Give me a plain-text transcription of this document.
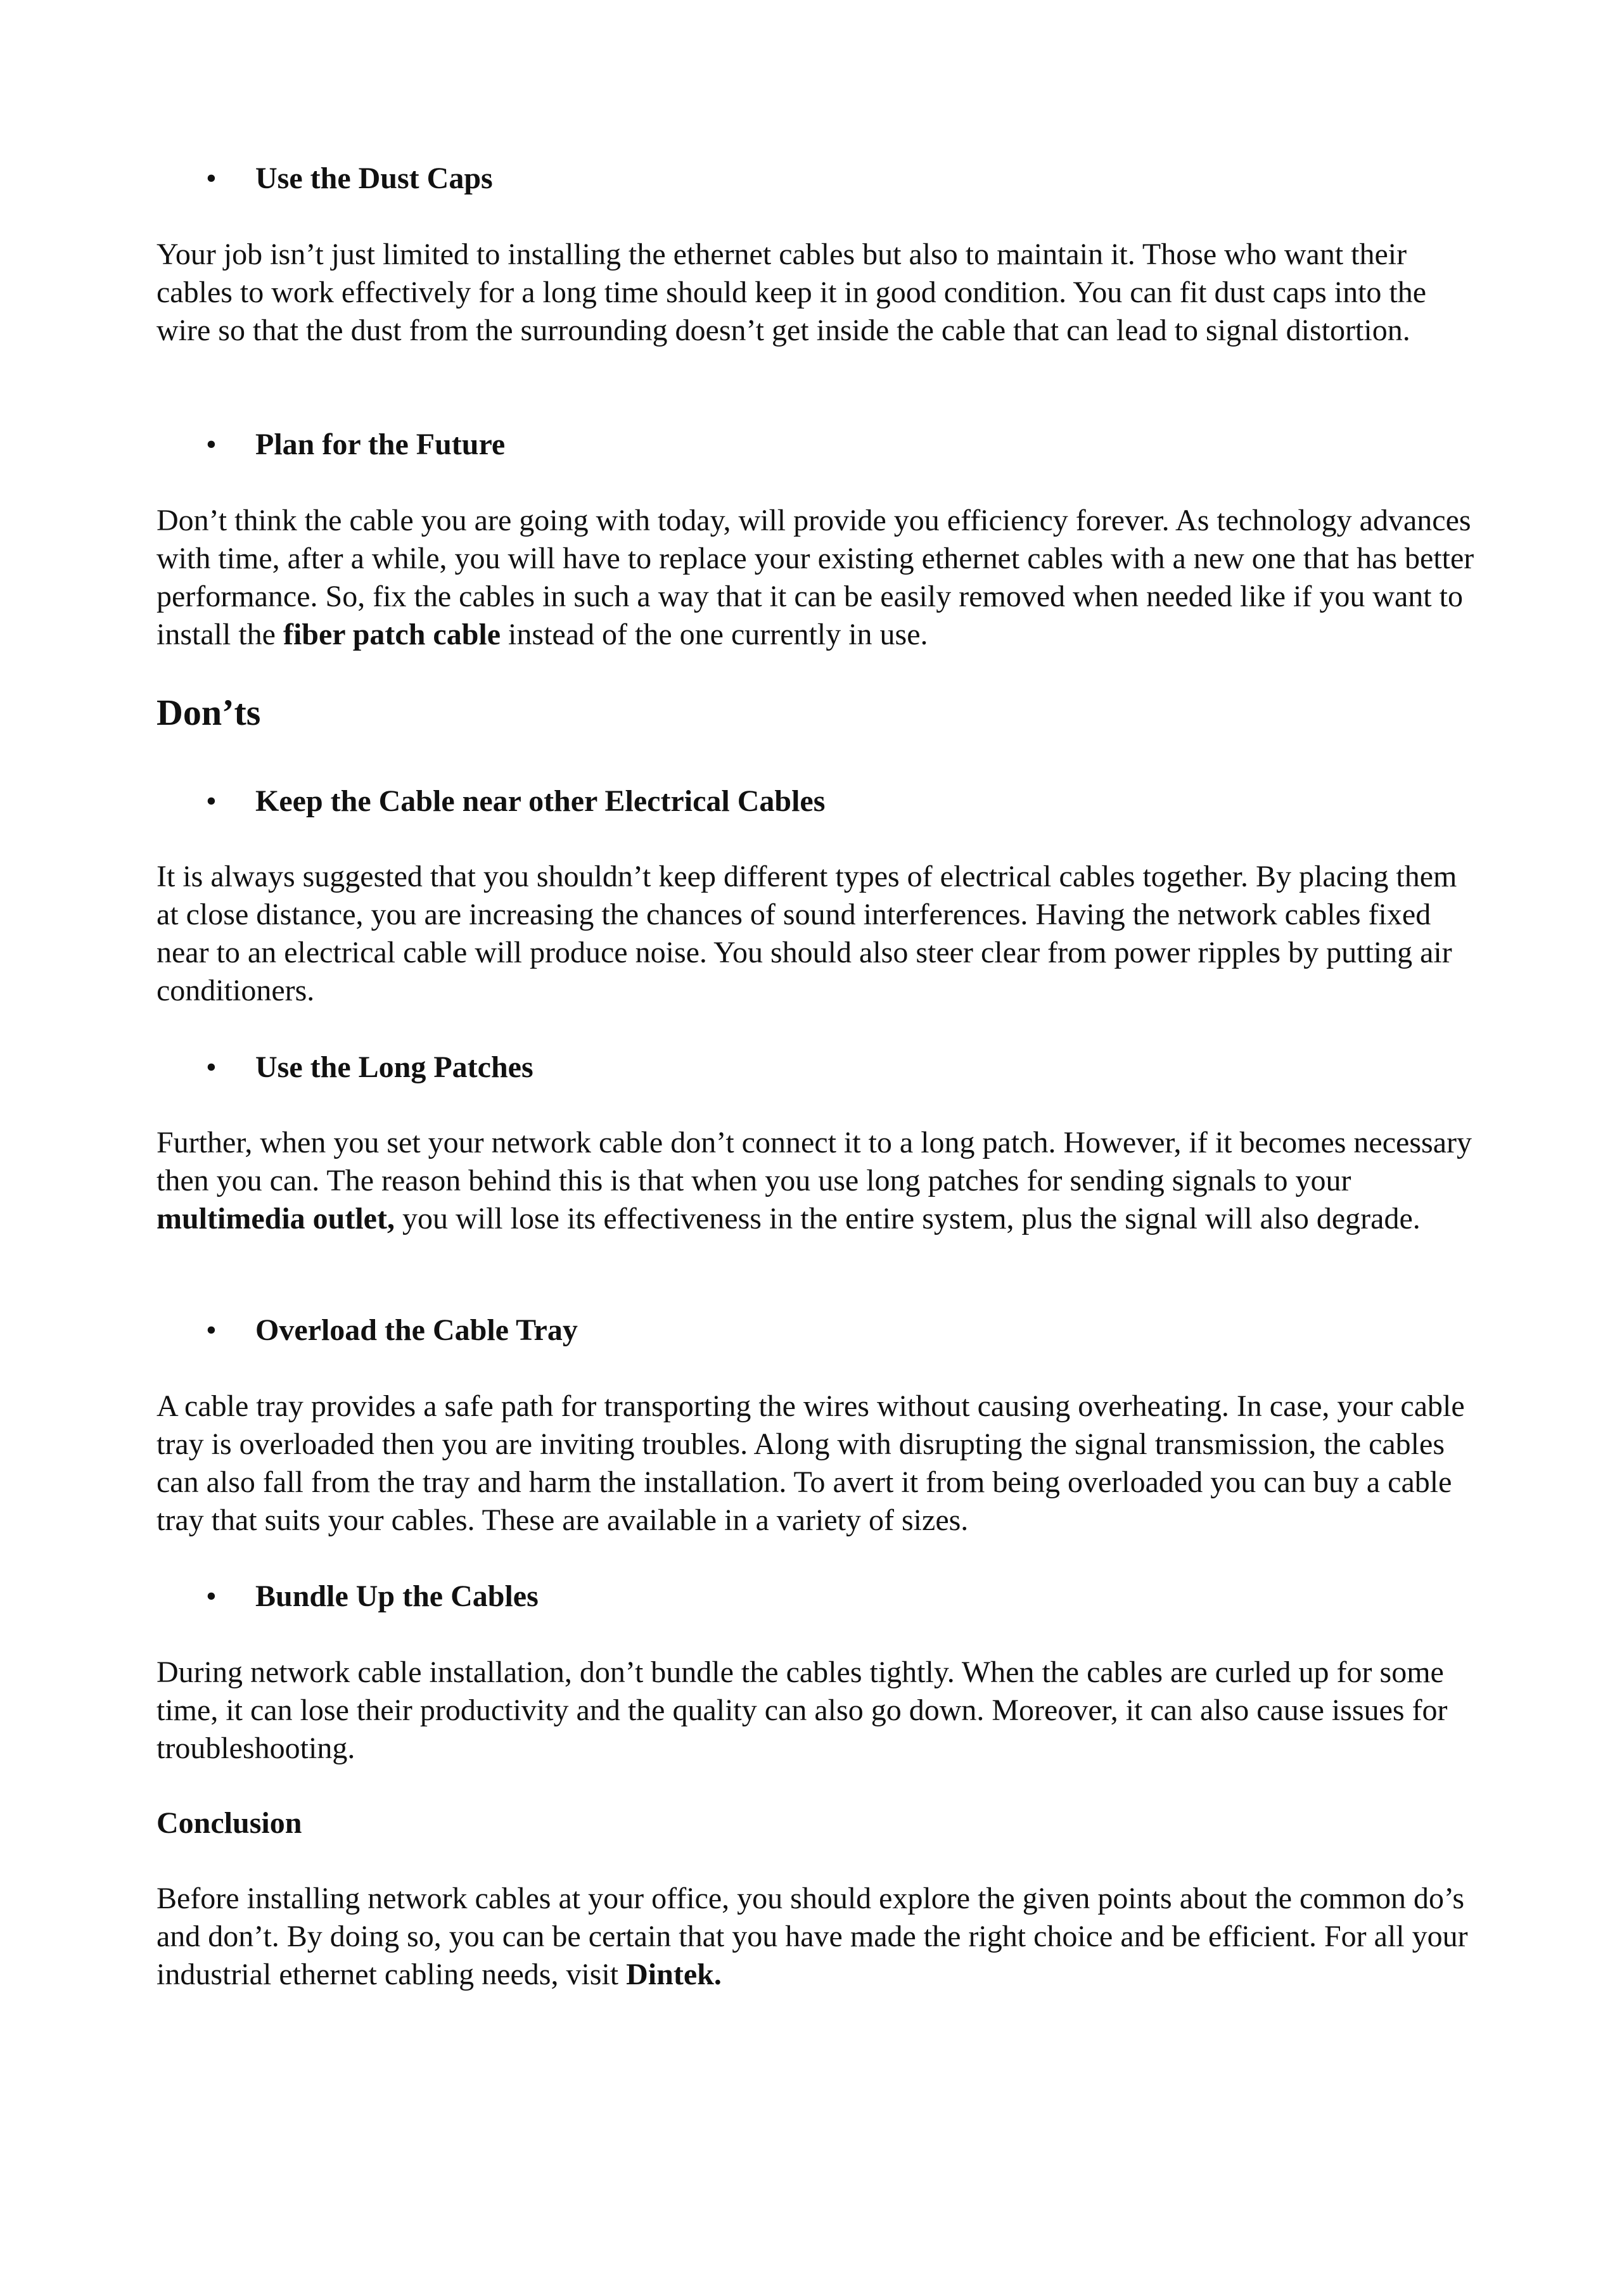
• Use the Dust Caps

Your job isn’t just limited to installing the ethernet cables but also to maintain it. Those who want their cables to work effectively for a long time should keep it in good condition. You can fit dust caps into the wire so that the dust from the surrounding doesn’t get inside the cable that can lead to signal distortion.

• Plan for the Future

Don’t think the cable you are going with today, will provide you efficiency forever. As technology advances with time, after a while, you will have to replace your existing ethernet cables with a new one that has better performance. So, fix the cables in such a way that it can be easily removed when needed like if you want to install the fiber patch cable instead of the one currently in use.

Don’ts
• Keep the Cable near other Electrical Cables

It is always suggested that you shouldn’t keep different types of electrical cables together. By placing them at close distance, you are increasing the chances of sound interferences. Having the network cables fixed near to an electrical cable will produce noise. You should also steer clear from power ripples by putting air conditioners.

• Use the Long Patches

Further, when you set your network cable don’t connect it to a long patch. However, if it becomes necessary then you can. The reason behind this is that when you use long patches for sending signals to your multimedia outlet, you will lose its effectiveness in the entire system, plus the signal will also degrade.

• Overload the Cable Tray

A cable tray provides a safe path for transporting the wires without causing overheating. In case, your cable tray is overloaded then you are inviting troubles. Along with disrupting the signal transmission, the cables can also fall from the tray and harm the installation. To avert it from being overloaded you can buy a cable tray that suits your cables. These are available in a variety of sizes.

• Bundle Up the Cables

During network cable installation, don’t bundle the cables tightly. When the cables are curled up for some time, it can lose their productivity and the quality can also go down. Moreover, it can also cause issues for troubleshooting.

Conclusion

Before installing network cables at your office, you should explore the given points about the common do’s and don’t. By doing so, you can be certain that you have made the right choice and be efficient. For all your industrial ethernet cabling needs, visit Dintek.
